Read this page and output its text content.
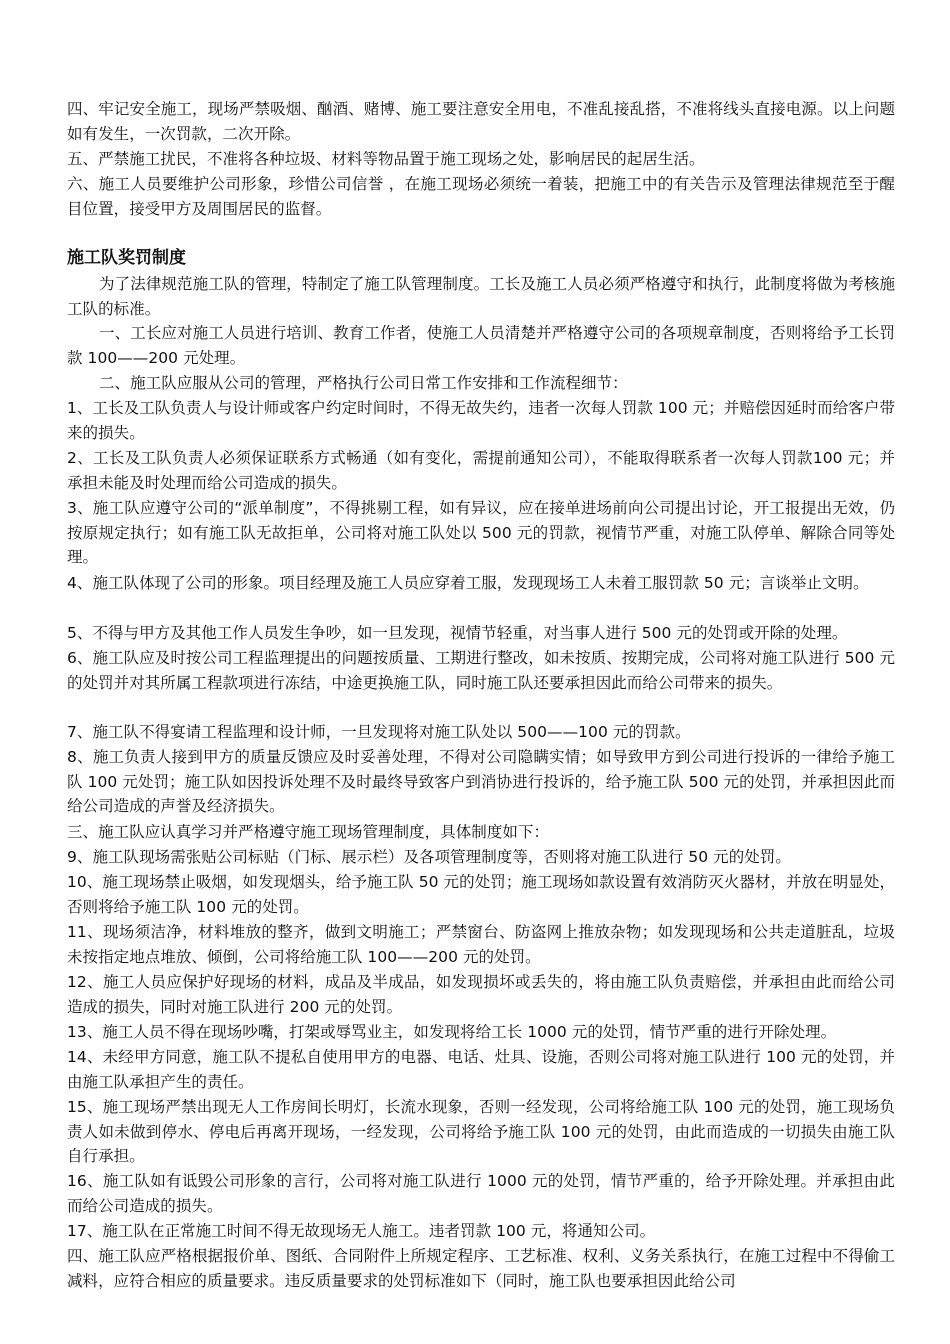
四、牢记安全施工，现场严禁吸烟、酗酒、赌博、施工要注意安全用电，不准乱接乱搭，不准将线头直接电源。以上问题如有发生，一次罚款，二次开除。
五、严禁施工扰民，不准将各种垃圾、材料等物品置于施工现场之处，影响居民的起居生活。
六、施工人员要维护公司形象，珍惜公司信誉 ，在施工现场必须统一着装，把施工中的有关告示及管理法律规范至于醒目位置，接受甲方及周围居民的监督。
施工队奖罚制度
为了法律规范施工队的管理，特制定了施工队管理制度。工长及施工人员必须严格遵守和执行，此制度将做为考核施工队的标准。
一、工长应对施工人员进行培训、教育工作者，使施工人员清楚并严格遵守公司的各项规章制度，否则将给予工长罚款 100——200 元处理。
二、施工队应服从公司的管理，严格执行公司日常工作安排和工作流程细节：
1、工长及工队负责人与设计师或客户约定时间时，不得无故失约，违者一次每人罚款 100 元；并赔偿因延时而给客户带来的损失。
2、工长及工队负责人必须保证联系方式畅通（如有变化，需提前通知公司），不能取得联系者一次每人罚款100 元；并承担未能及时处理而给公司造成的损失。
3、施工队应遵守公司的“派单制度”，不得挑剔工程，如有异议，应在接单进场前向公司提出讨论，开工报提出无效，仍按原规定执行；如有施工队无故拒单，公司将对施工队处以 500 元的罚款，视情节严重，对施工队停单、解除合同等处理。
4、施工队体现了公司的形象。项目经理及施工人员应穿着工服，发现现场工人未着工服罚款 50 元；言谈举止文明。
5、不得与甲方及其他工作人员发生争吵，如一旦发现，视情节轻重，对当事人进行 500 元的处罚或开除的处理。
6、施工队应及时按公司工程监理提出的问题按质量、工期进行整改，如未按质、按期完成，公司将对施工队进行 500 元的处罚并对其所属工程款项进行冻结，中途更换施工队，同时施工队还要承担因此而给公司带来的损失。
7、施工队不得宴请工程监理和设计师，一旦发现将对施工队处以 500——100 元的罚款。
8、施工负责人接到甲方的质量反馈应及时妥善处理，不得对公司隐瞒实情；如导致甲方到公司进行投诉的一律给予施工队 100 元处罚；施工队如因投诉处理不及时最终导致客户到消协进行投诉的，给予施工队 500 元的处罚，并承担因此而给公司造成的声誉及经济损失。
三、施工队应认真学习并严格遵守施工现场管理制度，具体制度如下：
9、施工队现场需张贴公司标贴（门标、展示栏）及各项管理制度等，否则将对施工队进行 50 元的处罚。
10、施工现场禁止吸烟，如发现烟头，给予施工队 50 元的处罚；施工现场如款设置有效消防灭火器材，并放在明显处，否则将给予施工队 100 元的处罚。
11、现场须洁净，材料堆放的整齐，做到文明施工；严禁窗台、防盗网上推放杂物；如发现现场和公共走道脏乱，垃圾未按指定地点堆放、倾倒，公司将给施工队 100——200 元的处罚。
12、施工人员应保护好现场的材料，成品及半成品，如发现损坏或丢失的，将由施工队负责赔偿，并承担由此而给公司造成的损失，同时对施工队进行 200 元的处罚。
13、施工人员不得在现场吵嘴，打架或辱骂业主，如发现将给工长 1000 元的处罚，情节严重的进行开除处理。
14、未经甲方同意，施工队不提私自使用甲方的电器、电话、灶具、设施，否则公司将对施工队进行 100 元的处罚，并由施工队承担产生的责任。
15、施工现场严禁出现无人工作房间长明灯，长流水现象，否则一经发现，公司将给施工队 100 元的处罚，施工现场负责人如未做到停水、停电后再离开现场，一经发现，公司将给予施工队 100 元的处罚，由此而造成的一切损失由施工队自行承担。
16、施工队如有诋毁公司形象的言行，公司将对施工队进行 1000 元的处罚，情节严重的，给予开除处理。并承担由此而给公司造成的损失。
17、施工队在正常施工时间不得无故现场无人施工。违者罚款 100 元，将通知公司。
四、施工队应严格根据报价单、图纸、合同附件上所规定程序、工艺标准、权利、义务关系执行，在施工过程中不得偷工减料，应符合相应的质量要求。违反质量要求的处罚标准如下（同时，施工队也要承担因此给公司
